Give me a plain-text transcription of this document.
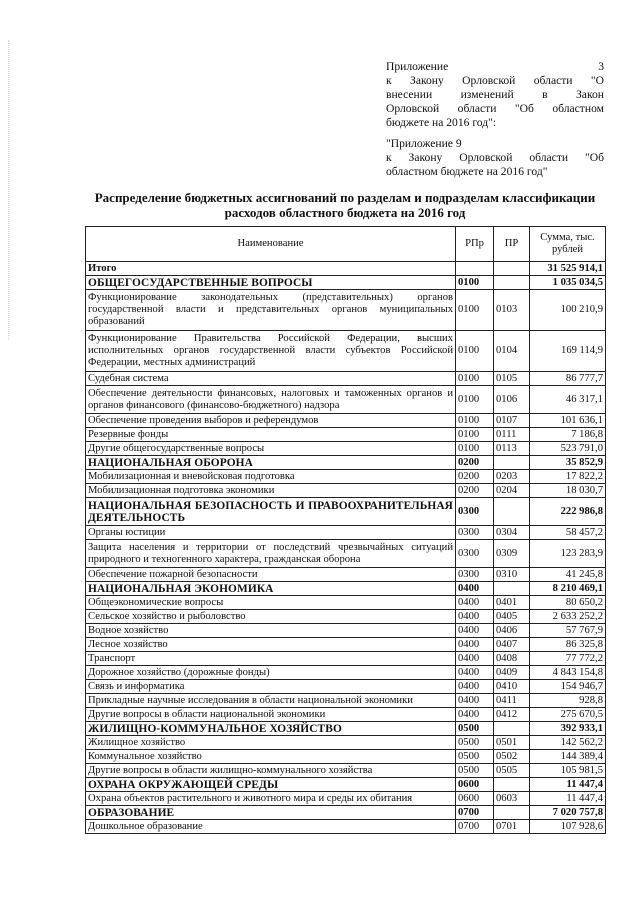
Приложение 3
к Закону Орловской области "О
внесении изменений в Закон
Орловской области "Об областном
бюджете на 2016 год":
"Приложение 9
к Закону Орловской области "Об
областном бюджете на 2016 год"
Распределение бюджетных ассигнований по разделам и подразделам классификации
расходов областного бюджета на 2016 год
Наименование	РПр	ПР	Сумма, тыс. рублей
Итого			31 525 914,1
ОБЩЕГОСУДАРСТВЕННЫЕ ВОПРОСЫ	0100		1 035 034,5
Функционирование законодательных (представительных) органов государственной власти и представительных органов муниципальных образований	0100	0103	100 210,9
Функционирование Правительства Российской Федерации, высших исполнительных органов государственной власти субъектов Российской Федерации, местных администраций	0100	0104	169 114,9
Судебная система	0100	0105	86 777,7
Обеспечение деятельности финансовых, налоговых и таможенных органов и органов финансового (финансово-бюджетного) надзора	0100	0106	46 317,1
Обеспечение проведения выборов и референдумов	0100	0107	101 636,1
Резервные фонды	0100	0111	7 186,8
Другие общегосударственные вопросы	0100	0113	523 791,0
НАЦИОНАЛЬНАЯ ОБОРОНА	0200		35 852,9
Мобилизационная и вневойсковая подготовка	0200	0203	17 822,2
Мобилизационная подготовка экономики	0200	0204	18 030,7
НАЦИОНАЛЬНАЯ БЕЗОПАСНОСТЬ И ПРАВООХРАНИТЕЛЬНАЯ ДЕЯТЕЛЬНОСТЬ	0300		222 986,8
Органы юстиции	0300	0304	58 457,2
Защита населения и территории от последствий чрезвычайных ситуаций природного и техногенного характера, гражданская оборона	0300	0309	123 283,9
Обеспечение пожарной безопасности	0300	0310	41 245,8
НАЦИОНАЛЬНАЯ ЭКОНОМИКА	0400		8 210 469,1
Общеэкономические вопросы	0400	0401	80 650,2
Сельское хозяйство и рыболовство	0400	0405	2 633 252,2
Водное хозяйство	0400	0406	57 767,9
Лесное хозяйство	0400	0407	86 325,8
Транспорт	0400	0408	77 772,2
Дорожное хозяйство (дорожные фонды)	0400	0409	4 843 154,8
Связь и информатика	0400	0410	154 946,7
Прикладные научные исследования в области национальной экономики	0400	0411	928,8
Другие вопросы в области национальной экономики	0400	0412	275 670,5
ЖИЛИЩНО-КОММУНАЛЬНОЕ ХОЗЯЙСТВО	0500		392 933,1
Жилищное хозяйство	0500	0501	142 562,2
Коммунальное хозяйство	0500	0502	144 389,4
Другие вопросы в области жилищно-коммунального хозяйства	0500	0505	105 981,5
ОХРАНА ОКРУЖАЮЩЕЙ СРЕДЫ	0600		11 447,4
Охрана объектов растительного и животного мира и среды их обитания	0600	0603	11 447,4
ОБРАЗОВАНИЕ	0700		7 020 757,8
Дошкольное образование	0700	0701	107 928,6
